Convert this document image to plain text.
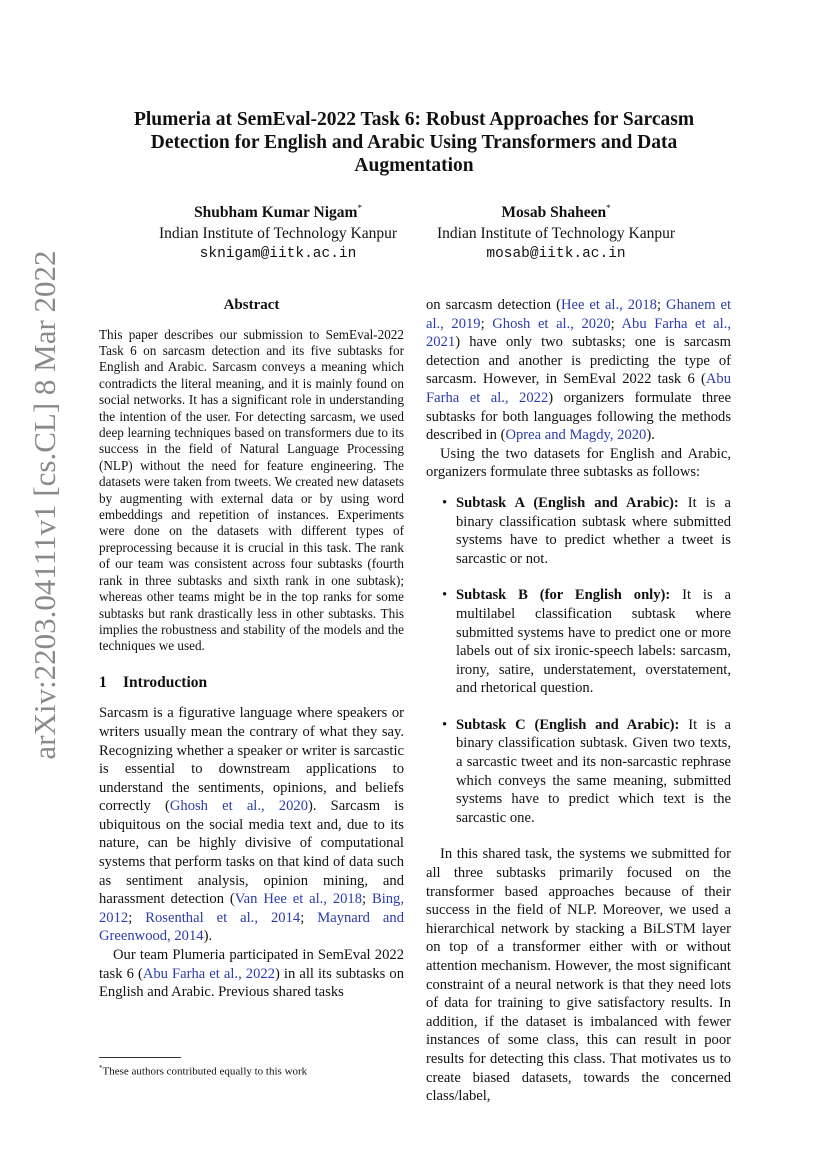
Plumeria at SemEval-2022 Task 6: Robust Approaches for Sarcasm Detection for English and Arabic Using Transformers and Data Augmentation
Shubham Kumar Nigam*
Indian Institute of Technology Kanpur
sknigam@iitk.ac.in
Mosab Shaheen*
Indian Institute of Technology Kanpur
mosab@iitk.ac.in
arXiv:2203.04111v1 [cs.CL] 8 Mar 2022	Abstract

This paper describes our submission to SemEval-2022 Task 6 on sarcasm detection and its five subtasks for English and Arabic. Sarcasm conveys a meaning which contradicts the literal meaning, and it is mainly found on social networks. It has a significant role in understanding the intention of the user. For detecting sarcasm, we used deep learning techniques based on transformers due to its success in the field of Natural Language Processing (NLP) without the need for feature engineering. The datasets were taken from tweets. We created new datasets by augmenting with external data or by using word embeddings and repetition of instances. Experiments were done on the datasets with different types of preprocessing because it is crucial in this task. The rank of our team was consistent across four subtasks (fourth rank in three subtasks and sixth rank in one subtask); whereas other teams might be in the top ranks for some subtasks but rank drastically less in other subtasks. This implies the robustness and stability of the models and the techniques we used.

1 Introduction

Sarcasm is a figurative language where speakers or writers usually mean the contrary of what they say. Recognizing whether a speaker or writer is sarcastic is essential to downstream applications to understand the sentiments, opinions, and beliefs correctly (Ghosh et al., 2020). Sarcasm is ubiquitous on the social media text and, due to its nature, can be highly divisive of computational systems that perform tasks on that kind of data such as sentiment analysis, opinion mining, and harassment detection (Van Hee et al., 2018; Bing, 2012; Rosenthal et al., 2014; Maynard and Greenwood, 2014).

Our team Plumeria participated in SemEval 2022 task 6 (Abu Farha et al., 2022) in all its subtasks on English and Arabic. Previous shared tasks

on sarcasm detection (Hee et al., 2018; Ghanem et al., 2019; Ghosh et al., 2020; Abu Farha et al., 2021) have only two subtasks; one is sarcasm detection and another is predicting the type of sarcasm. However, in SemEval 2022 task 6 (Abu Farha et al., 2022) organizers formulate three subtasks for both languages following the methods described in (Oprea and Magdy, 2020).

Using the two datasets for English and Arabic, organizers formulate three subtasks as follows:

• Subtask A (English and Arabic): It is a binary classification subtask where submitted systems have to predict whether a tweet is sarcastic or not.
• Subtask B (for English only): It is a multilabel classification subtask where submitted systems have to predict one or more labels out of six ironic-speech labels: sarcasm, irony, satire, understatement, overstatement, and rhetorical question.
• Subtask C (English and Arabic): It is a binary classification subtask. Given two texts, a sarcastic tweet and its non-sarcastic rephrase which conveys the same meaning, submitted systems have to predict which text is the sarcastic one.

In this shared task, the systems we submitted for all three subtasks primarily focused on the transformer based approaches because of their success in the field of NLP. Moreover, we used a hierarchical network by stacking a BiLSTM layer on top of a transformer either with or without attention mechanism. However, the most significant constraint of a neural network is that they need lots of data for training to give satisfactory results. In addition, if the dataset is imbalanced with fewer instances of some class, this can result in poor results for detecting this class. That motivates us to create biased datasets, towards the concerned class/label,

*These authors contributed equally to this work
